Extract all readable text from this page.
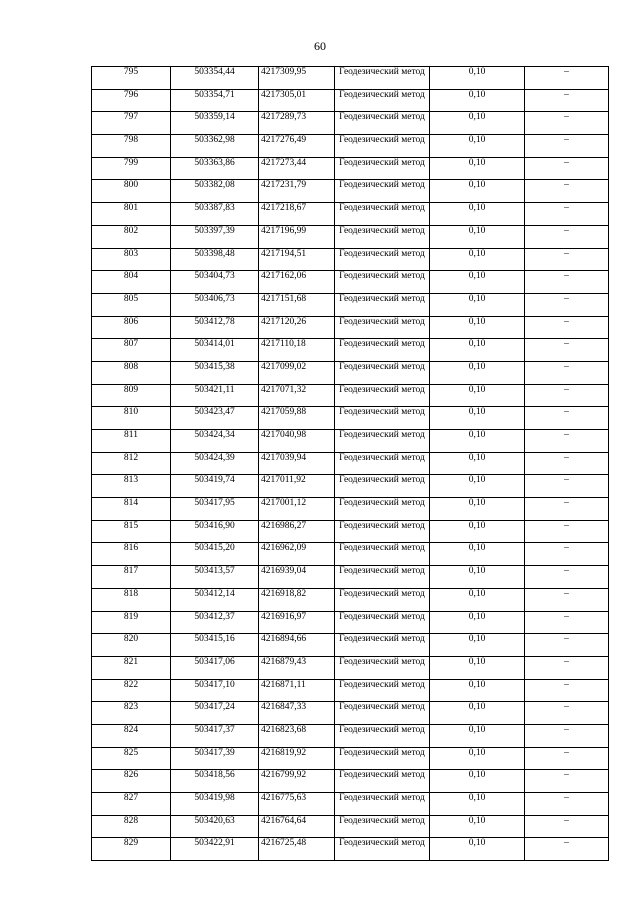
60
795	503354,44	4217309,95	Геодезический метод	0,10	–
796	503354,71	4217305,01	Геодезический метод	0,10	–
797	503359,14	4217289,73	Геодезический метод	0,10	–
798	503362,98	4217276,49	Геодезический метод	0,10	–
799	503363,86	4217273,44	Геодезический метод	0,10	–
800	503382,08	4217231,79	Геодезический метод	0,10	–
801	503387,83	4217218,67	Геодезический метод	0,10	–
802	503397,39	4217196,99	Геодезический метод	0,10	–
803	503398,48	4217194,51	Геодезический метод	0,10	–
804	503404,73	4217162,06	Геодезический метод	0,10	–
805	503406,73	4217151,68	Геодезический метод	0,10	–
806	503412,78	4217120,26	Геодезический метод	0,10	–
807	503414,01	4217110,18	Геодезический метод	0,10	–
808	503415,38	4217099,02	Геодезический метод	0,10	–
809	503421,11	4217071,32	Геодезический метод	0,10	–
810	503423,47	4217059,88	Геодезический метод	0,10	–
811	503424,34	4217040,98	Геодезический метод	0,10	–
812	503424,39	4217039,94	Геодезический метод	0,10	–
813	503419,74	4217011,92	Геодезический метод	0,10	–
814	503417,95	4217001,12	Геодезический метод	0,10	–
815	503416,90	4216986,27	Геодезический метод	0,10	–
816	503415,20	4216962,09	Геодезический метод	0,10	–
817	503413,57	4216939,04	Геодезический метод	0,10	–
818	503412,14	4216918,82	Геодезический метод	0,10	–
819	503412,37	4216916,97	Геодезический метод	0,10	–
820	503415,16	4216894,66	Геодезический метод	0,10	–
821	503417,06	4216879,43	Геодезический метод	0,10	–
822	503417,10	4216871,11	Геодезический метод	0,10	–
823	503417,24	4216847,33	Геодезический метод	0,10	–
824	503417,37	4216823,68	Геодезический метод	0,10	–
825	503417,39	4216819,92	Геодезический метод	0,10	–
826	503418,56	4216799,92	Геодезический метод	0,10	–
827	503419,98	4216775,63	Геодезический метод	0,10	–
828	503420,63	4216764,64	Геодезический метод	0,10	–
829	503422,91	4216725,48	Геодезический метод	0,10	–
